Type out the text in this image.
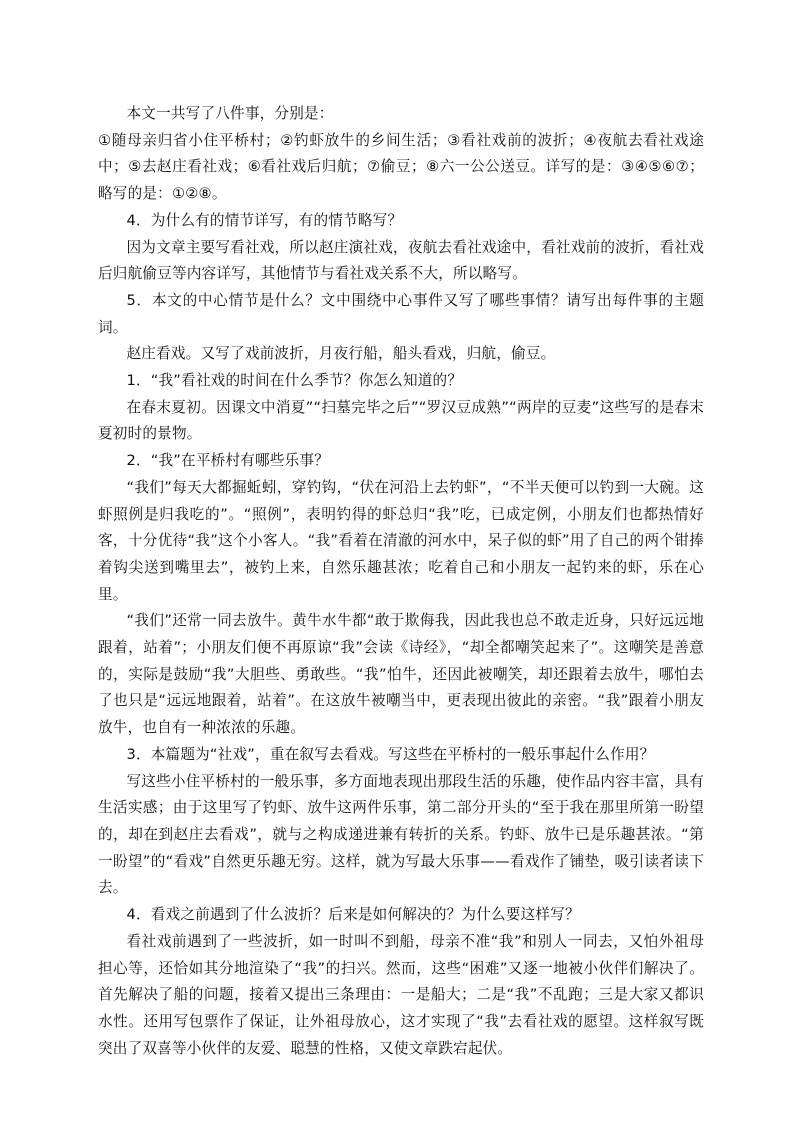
本文一共写了八件事，分别是：

①随母亲归省小住平桥村；②钓虾放牛的乡间生活；③看社戏前的波折；④夜航去看社戏途中；⑤去赵庄看社戏；⑥看社戏后归航；⑦偷豆；⑧六一公公送豆。详写的是：③④⑤⑥⑦；略写的是：①②⑧。

4．为什么有的情节详写，有的情节略写？

因为文章主要写看社戏，所以赵庄演社戏，夜航去看社戏途中，看社戏前的波折，看社戏后归航偷豆等内容详写，其他情节与看社戏关系不大，所以略写。

5．本文的中心情节是什么？文中围绕中心事件又写了哪些事情？请写出每件事的主题词。

赵庄看戏。又写了戏前波折，月夜行船，船头看戏，归航，偷豆。

1．“我”看社戏的时间在什么季节？你怎么知道的？

在春末夏初。因课文中消夏”“扫墓完毕之后”“罗汉豆成熟”“两岸的豆麦”这些写的是春末夏初时的景物。

2．“我”在平桥村有哪些乐事？

“我们”每天大都掘蚯蚓，穿钓钩，“伏在河沿上去钓虾”，“不半天便可以钓到一大碗。这虾照例是归我吃的”。“照例”，表明钓得的虾总归“我”吃，已成定例，小朋友们也都热情好客，十分优待“我”这个小客人。“我”看着在清澈的河水中，呆子似的虾”用了自己的两个钳捧着钩尖送到嘴里去”，被钓上来，自然乐趣甚浓；吃着自己和小朋友一起钓来的虾，乐在心里。

“我们”还常一同去放牛。黄牛水牛都“敢于欺侮我，因此我也总不敢走近身，只好远远地跟着，站着”；小朋友们便不再原谅“我”会读《诗经》，“却全都嘲笑起来了”。这嘲笑是善意的，实际是鼓励“我”大胆些、勇敢些。“我”怕牛，还因此被嘲笑，却还跟着去放牛，哪怕去了也只是“远远地跟着，站着”。在这放牛被嘲当中，更表现出彼此的亲密。“我”跟着小朋友放牛，也自有一种浓浓的乐趣。

3．本篇题为“社戏”，重在叙写去看戏。写这些在平桥村的一般乐事起什么作用？

写这些小住平桥村的一般乐事，多方面地表现出那段生活的乐趣，使作品内容丰富，具有生活实感；由于这里写了钓虾、放牛这两件乐事，第二部分开头的“至于我在那里所第一盼望的，却在到赵庄去看戏”，就与之构成递进兼有转折的关系。钓虾、放牛已是乐趣甚浓。“第一盼望”的“看戏”自然更乐趣无穷。这样，就为写最大乐事——看戏作了铺垫，吸引读者读下去。

4．看戏之前遇到了什么波折？后来是如何解决的？为什么要这样写？

看社戏前遇到了一些波折，如一时叫不到船，母亲不准“我”和别人一同去，又怕外祖母担心等，还恰如其分地渲染了“我”的扫兴。然而，这些“困难”又逐一地被小伙伴们解决了。首先解决了船的问题，接着又提出三条理由：一是船大；二是“我”不乱跑；三是大家又都识水性。还用写包票作了保证，让外祖母放心，这才实现了“我”去看社戏的愿望。这样叙写既突出了双喜等小伙伴的友爱、聪慧的性格，又使文章跌宕起伏。
